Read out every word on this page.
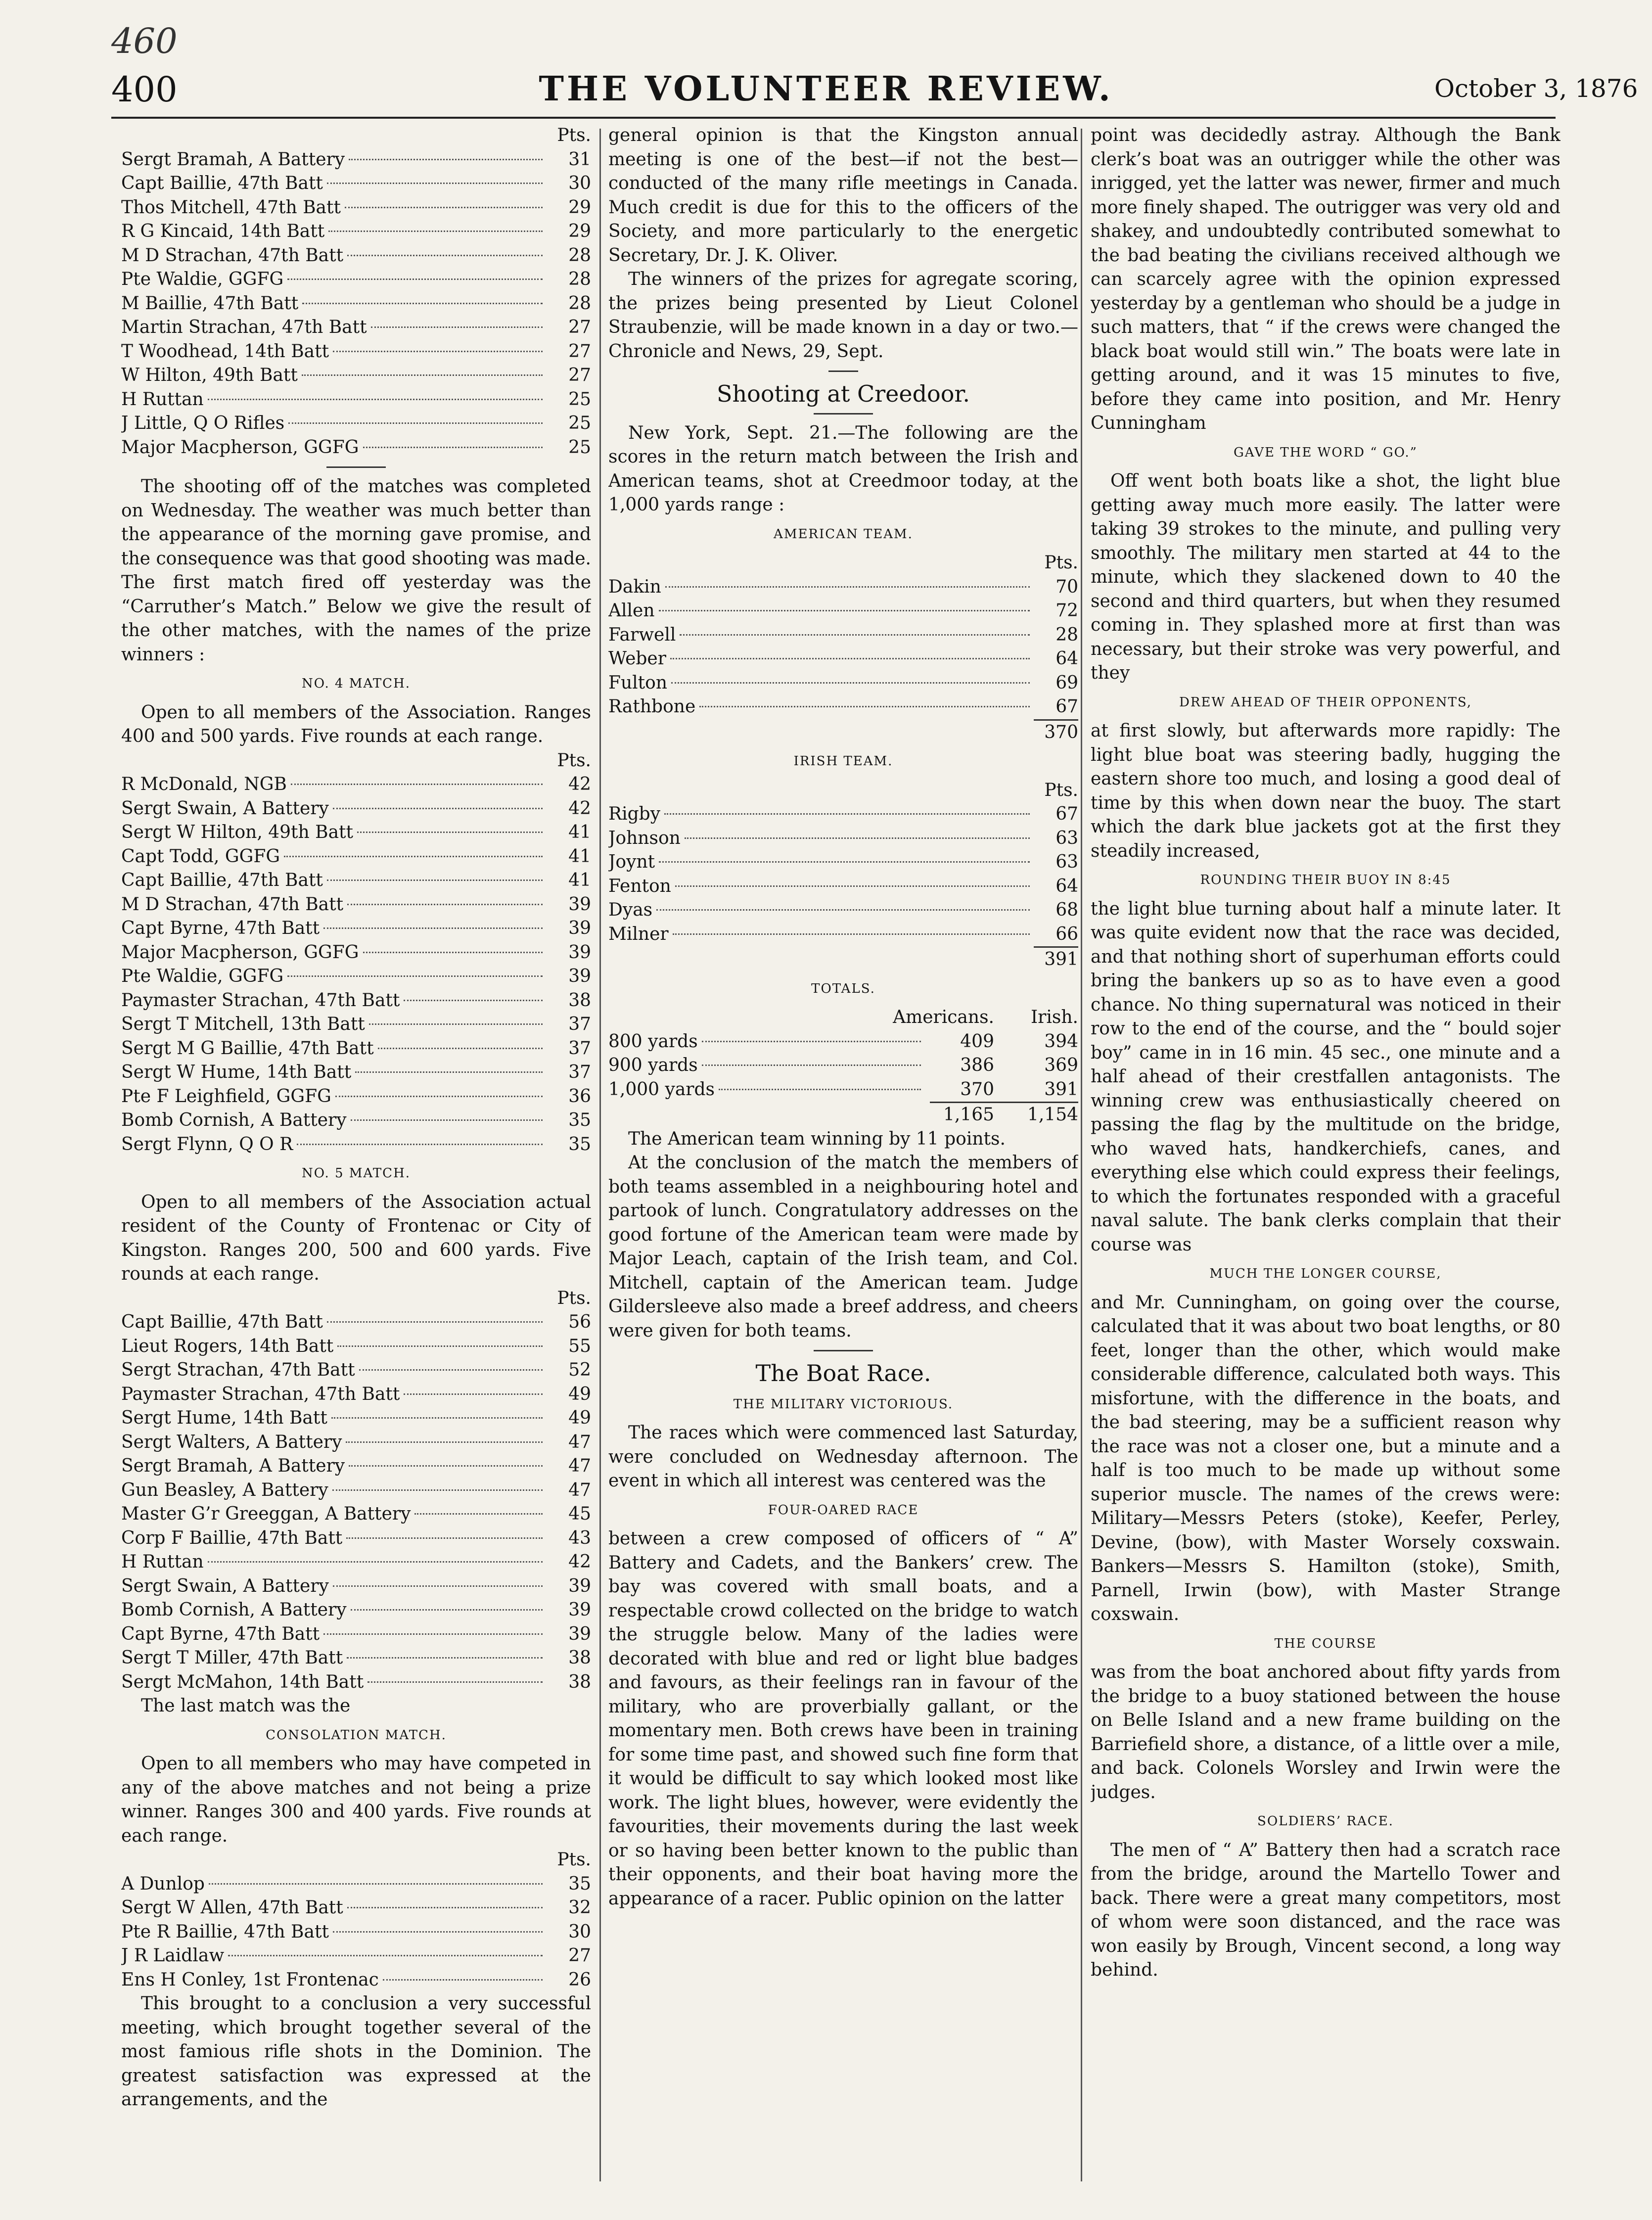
460
400	THE VOLUNTEER REVIEW.	October 3, 1876
Pts.
Sergt Bramah, A Battery	31
Capt Baillie, 47th Batt	30
Thos Mitchell, 47th Batt	29
R G Kincaid, 14th Batt	29
M D Strachan, 47th Batt	28
Pte Waldie, GGFG	28
M Baillie, 47th Batt	28
Martin Strachan, 47th Batt	27
T Woodhead, 14th Batt	27
W Hilton, 49th Batt	27
H Ruttan	25
J Little, Q O Rifles	25
Major Macpherson, GGFG	25

The shooting off of the matches was completed on Wednesday. The weather was much better than the appearance of the morning gave promise, and the consequence was that good shooting was made. The first match fired off yesterday was the “Carruther’s Match.” Below we give the result of the other matches, with the names of the prize winners :

NO. 4 MATCH.

Open to all members of the Association. Ranges 400 and 500 yards. Five rounds at each range.

Pts.
R McDonald, NGB	42
Sergt Swain, A Battery	42
Sergt W Hilton, 49th Batt	41
Capt Todd, GGFG	41
Capt Baillie, 47th Batt	41
M D Strachan, 47th Batt	39
Capt Byrne, 47th Batt	39
Major Macpherson, GGFG	39
Pte Waldie, GGFG	39
Paymaster Strachan, 47th Batt	38
Sergt T Mitchell, 13th Batt	37
Sergt M G Baillie, 47th Batt	37
Sergt W Hume, 14th Batt	37
Pte F Leighfield, GGFG	36
Bomb Cornish, A Battery	35
Sergt Flynn, Q O R	35
NO. 5 MATCH.

Open to all members of the Association actual resident of the County of Frontenac or City of Kingston. Ranges 200, 500 and 600 yards. Five rounds at each range.

Pts.
Capt Baillie, 47th Batt	56
Lieut Rogers, 14th Batt	55
Sergt Strachan, 47th Batt	52
Paymaster Strachan, 47th Batt	49
Sergt Hume, 14th Batt	49
Sergt Walters, A Battery	47
Sergt Bramah, A Battery	47
Gun Beasley, A Battery	47
Master G’r Greeggan, A Battery	45
Corp F Baillie, 47th Batt	43
H Ruttan	42
Sergt Swain, A Battery	39
Bomb Cornish, A Battery	39
Capt Byrne, 47th Batt	39
Sergt T Miller, 47th Batt	38
Sergt McMahon, 14th Batt	38
The last match was the
CONSOLATION MATCH.

Open to all members who may have competed in any of the above matches and not being a prize winner. Ranges 300 and 400 yards. Five rounds at each range.

Pts.
A Dunlop	35
Sergt W Allen, 47th Batt	32
Pte R Baillie, 47th Batt	30
J R Laidlaw	27
Ens H Conley, 1st Frontenac	26

This brought to a conclusion a very successful meeting, which brought together several of the most famious rifle shots in the Dominion. The greatest satisfaction was expressed at the arrangements, and the

general opinion is that the Kingston annual meeting is one of the best—if not the best—conducted of the many rifle meetings in Canada. Much credit is due for this to the officers of the Society, and more particularly to the energetic Secretary, Dr. J. K. Oliver.

The winners of the prizes for agregate scoring, the prizes being presented by Lieut Colonel Straubenzie, will be made known in a day or two.— Chronicle and News, 29, Sept.

Shooting at Creedoor.

New York, Sept. 21.—The following are the scores in the return match between the Irish and American teams, shot at Creedmoor today, at the 1,000 yards range :

AMERICAN TEAM.
Pts.
Dakin	70
Allen	72
Farwell	28
Weber	64
Fulton	69
Rathbone	67
370
IRISH TEAM.
Pts.
Rigby	67
Johnson	63
Joynt	63
Fenton	64
Dyas	68
Milner	66
391
TOTALS.
Americans.	Irish.
800 yards	409	394
900 yards	386	369
1,000 yards	370	391
1,165	1,154

The American team winning by 11 points.

At the conclusion of the match the members of both teams assembled in a neighbouring hotel and partook of lunch. Congratulatory addresses on the good fortune of the American team were made by Major Leach, captain of the Irish team, and Col. Mitchell, captain of the American team. Judge Gildersleeve also made a breef address, and cheers were given for both teams.

The Boat Race.
THE MILITARY VICTORIOUS.

The races which were commenced last Saturday, were concluded on Wednesday afternoon. The event in which all interest was centered was the

FOUR-OARED RACE

between a crew composed of officers of “ A” Battery and Cadets, and the Bankers’ crew. The bay was covered with small boats, and a respectable crowd collected on the bridge to watch the struggle below. Many of the ladies were decorated with blue and red or light blue badges and favours, as their feelings ran in favour of the military, who are proverbially gallant, or the momentary men. Both crews have been in training for some time past, and showed such fine form that it would be difficult to say which looked most like work. The light blues, however, were evidently the favourities, their movements during the last week or so having been better known to the public than their opponents, and their boat having more the appearance of a racer. Public opinion on the latter

point was decidedly astray. Although the Bank clerk’s boat was an outrigger while the other was inrigged, yet the latter was newer, firmer and much more finely shaped. The outrigger was very old and shakey, and undoubtedly contributed somewhat to the bad beating the civilians received although we can scarcely agree with the opinion expressed yesterday by a gentleman who should be a judge in such matters, that “ if the crews were changed the black boat would still win.” The boats were late in getting around, and it was 15 minutes to five, before they came into position, and Mr. Henry Cunningham

GAVE THE WORD “ GO.”

Off went both boats like a shot, the light blue getting away much more easily. The latter were taking 39 strokes to the minute, and pulling very smoothly. The military men started at 44 to the minute, which they slackened down to 40 the second and third quarters, but when they resumed coming in. They splashed more at first than was necessary, but their stroke was very powerful, and they

DREW AHEAD OF THEIR OPPONENTS,

at first slowly, but afterwards more rapidly: The light blue boat was steering badly, hugging the eastern shore too much, and losing a good deal of time by this when down near the buoy. The start which the dark blue jackets got at the first they steadily increased,

ROUNDING THEIR BUOY IN 8:45

the light blue turning about half a minute later. It was quite evident now that the race was decided, and that nothing short of superhuman efforts could bring the bankers up so as to have even a good chance. No thing supernatural was noticed in their row to the end of the course, and the “ bould sojer boy” came in in 16 min. 45 sec., one minute and a half ahead of their crestfallen antagonists. The winning crew was enthusiastically cheered on passing the flag by the multitude on the bridge, who waved hats, handkerchiefs, canes, and everything else which could express their feelings, to which the fortunates responded with a graceful naval salute. The bank clerks complain that their course was

MUCH THE LONGER COURSE,

and Mr. Cunningham, on going over the course, calculated that it was about two boat lengths, or 80 feet, longer than the other, which would make considerable difference, calculated both ways. This misfortune, with the difference in the boats, and the bad steering, may be a sufficient reason why the race was not a closer one, but a minute and a half is too much to be made up without some superior muscle. The names of the crews were: Military—Messrs Peters (stoke), Keefer, Perley, Devine, (bow), with Master Worsely coxswain. Bankers—Messrs S. Hamilton (stoke), Smith, Parnell, Irwin (bow), with Master Strange coxswain.

THE COURSE

was from the boat anchored about fifty yards from the bridge to a buoy stationed between the house on Belle Island and a new frame building on the Barriefield shore, a distance, of a little over a mile, and back. Colonels Worsley and Irwin were the judges.

SOLDIERS’ RACE.

The men of “ A” Battery then had a scratch race from the bridge, around the Martello Tower and back. There were a great many competitors, most of whom were soon distanced, and the race was won easily by Brough, Vincent second, a long way behind.
